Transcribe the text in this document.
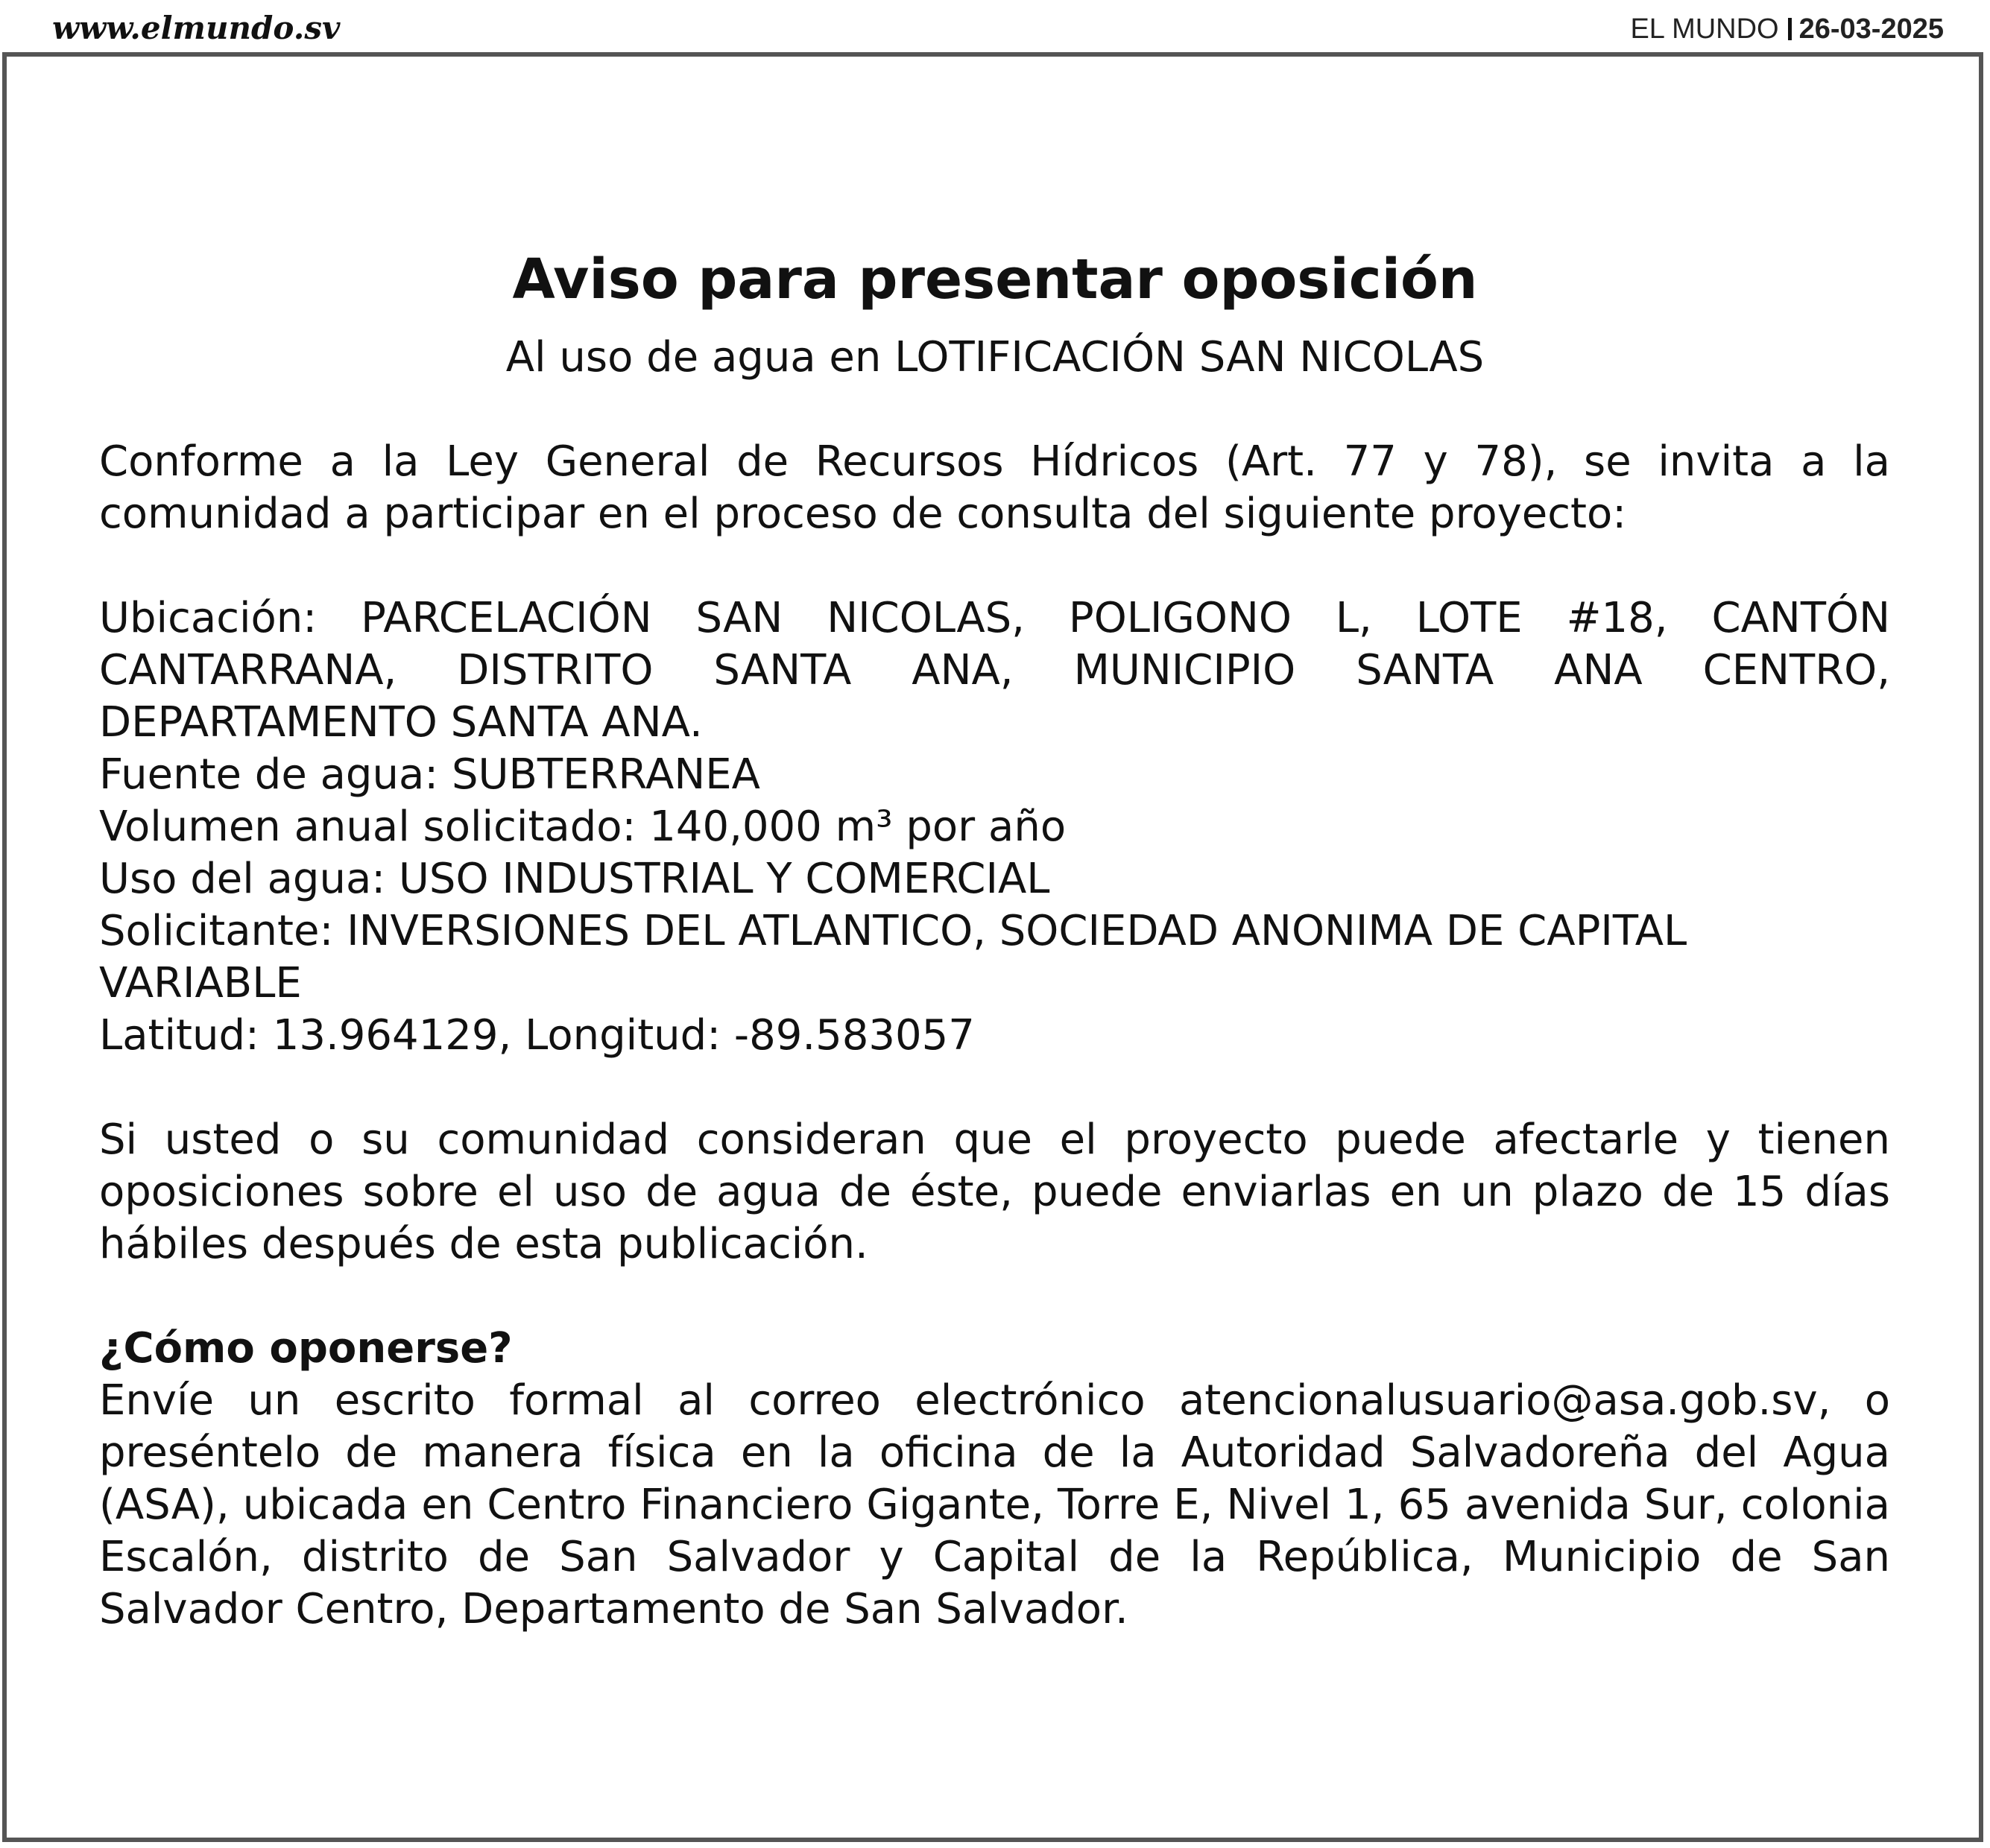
www.elmundo.sv	EL MUNDO 26-03-2025
Aviso para presentar oposición
Al uso de agua en LOTIFICACIÓN SAN NICOLAS

Conforme a la Ley General de Recursos Hídricos (Art. 77 y 78), se invita a la comunidad a participar en el proceso de consulta del siguiente proyecto:

Ubicación: PARCELACIÓN SAN NICOLAS, POLIGONO L, LOTE #18, CANTÓN CANTARRANA, DISTRITO SANTA ANA, MUNICIPIO SANTA ANA CENTRO, DEPARTAMENTO SANTA ANA.

Fuente de agua: SUBTERRANEA

Volumen anual solicitado: 140,000 m³ por año

Uso del agua: USO INDUSTRIAL Y COMERCIAL

Solicitante: INVERSIONES DEL ATLANTICO, SOCIEDAD ANONIMA DE CAPITAL VARIABLE

Latitud: 13.964129, Longitud: -89.583057

Si usted o su comunidad consideran que el proyecto puede afectarle y tienen oposiciones sobre el uso de agua de éste, puede enviarlas en un plazo de 15 días hábiles después de esta publicación.

¿Cómo oponerse?

Envíe un escrito formal al correo electrónico atencionalusuario@asa.gob.sv, o preséntelo de manera física en la oficina de la Autoridad Salvadoreña del Agua (ASA), ubicada en Centro Financiero Gigante, Torre E, Nivel 1, 65 avenida Sur, colonia Escalón, distrito de San Salvador y Capital de la República, Municipio de San Salvador Centro, Departamento de San Salvador.
